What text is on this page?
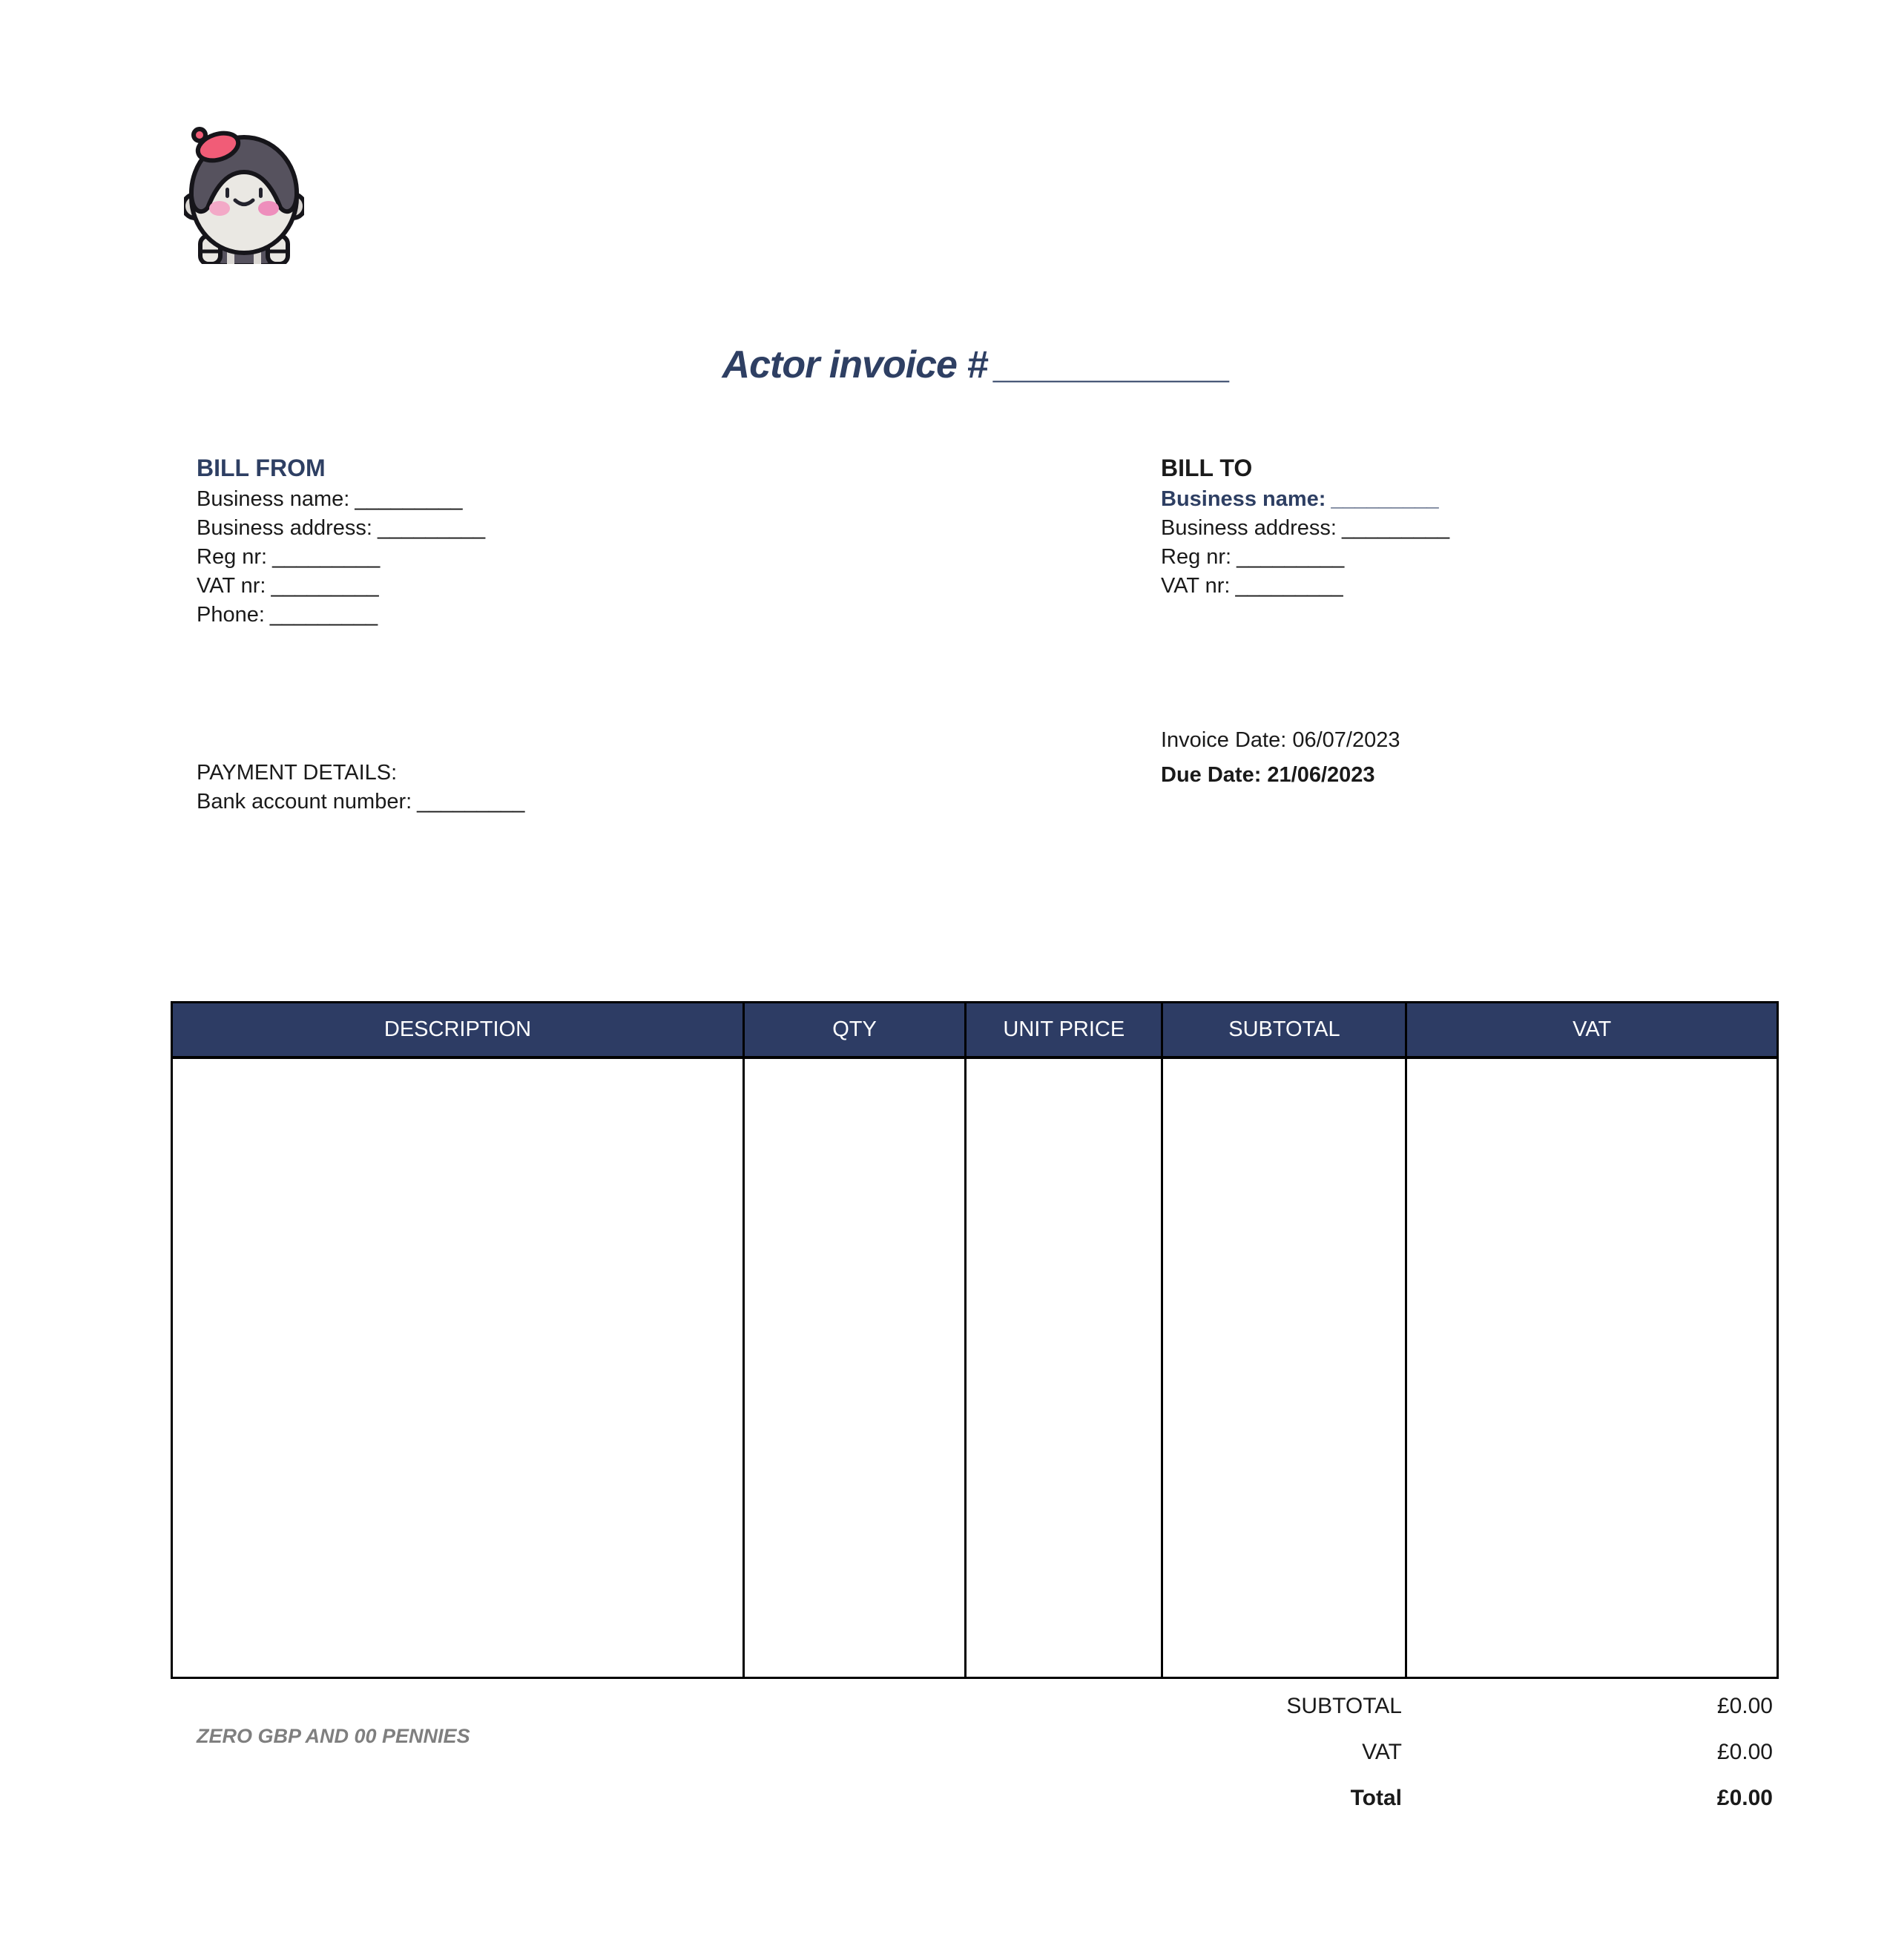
Actor invoice # ___________
BILL FROM
Business name: _________
Business address: _________
Reg nr: _________
VAT nr: _________
Phone: _________
BILL TO
Business name: _________
Business address: _________
Reg nr: _________
VAT nr: _________
Invoice Date: 06/07/2023
Due Date: 21/06/2023
PAYMENT DETAILS:
Bank account number: _________
DESCRIPTION	QTY	UNIT PRICE	SUBTOTAL	VAT
SUBTOTAL	£0.00
VAT	£0.00
Total	£0.00
ZERO GBP AND 00 PENNIES
